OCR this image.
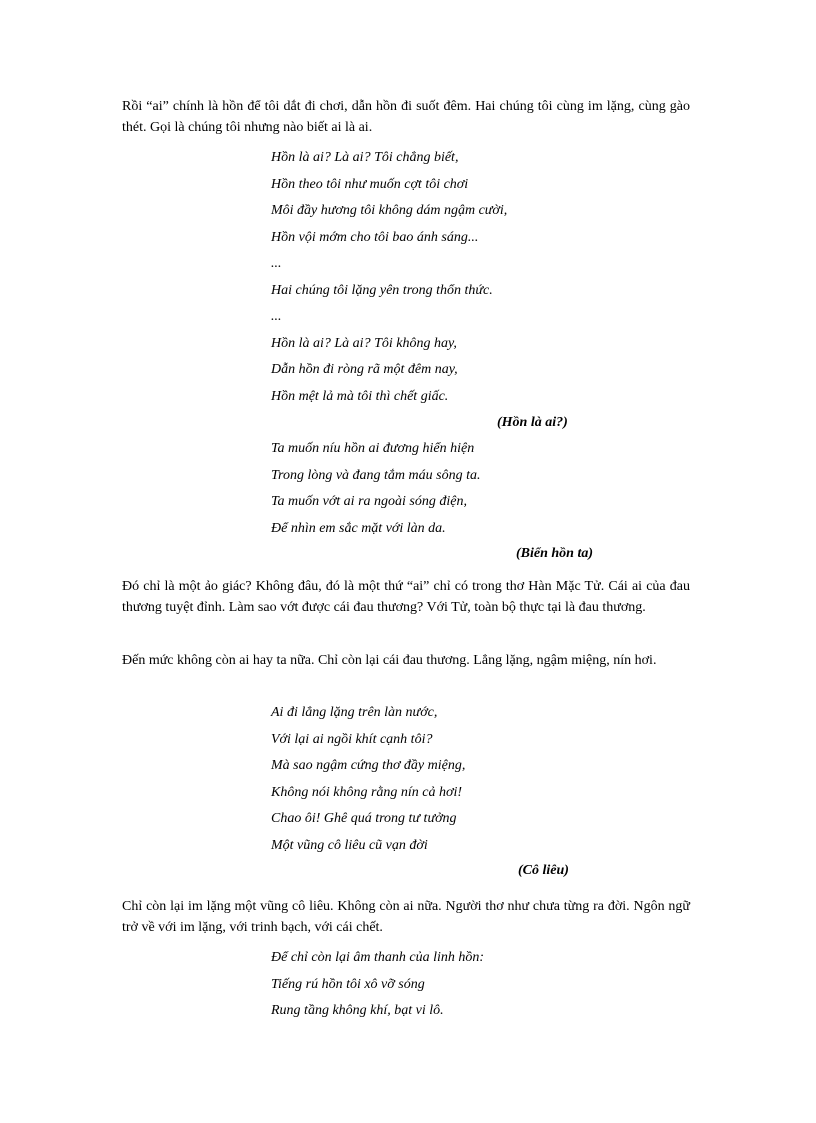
Rồi “ai” chính là hồn để tôi dắt đi chơi, dẫn hồn đi suốt đêm. Hai chúng tôi cùng im lặng, cùng gào thét. Gọi là chúng tôi nhưng nào biết ai là ai.

Hồn là ai? Là ai? Tôi chẳng biết,
Hồn theo tôi như muốn cợt tôi chơi
Môi đầy hương tôi không dám ngậm cười,
Hồn vội mớm cho tôi bao ánh sáng...
...
Hai chúng tôi lặng yên trong thổn thức.
...
Hồn là ai? Là ai? Tôi không hay,
Dẫn hồn đi ròng rã một đêm nay,
Hồn mệt lả mà tôi thì chết giấc.
(Hồn là ai?)
Ta muốn níu hồn ai đương hiển hiện
Trong lòng và đang tắm máu sông ta.
Ta muốn vớt ai ra ngoài sóng điện,
Để nhìn em sắc mặt với làn da.
(Biển hồn ta)

Đó chỉ là một ảo giác? Không đâu, đó là một thứ “ai” chỉ có trong thơ Hàn Mặc Tử. Cái ai của đau thương tuyệt đỉnh. Làm sao vớt được cái đau thương? Với Tử, toàn bộ thực tại là đau thương.

Đến mức không còn ai hay ta nữa. Chỉ còn lại cái đau thương. Lẳng lặng, ngậm miệng, nín hơi.

Ai đi lẳng lặng trên làn nước,
Với lại ai ngồi khít cạnh tôi?
Mà sao ngậm cứng thơ đầy miệng,
Không nói không rằng nín cả hơi!
Chao ôi! Ghê quá trong tư tưởng
Một vũng cô liêu cũ vạn đời
(Cô liêu)

Chỉ còn lại im lặng một vũng cô liêu. Không còn ai nữa. Người thơ như chưa từng ra đời. Ngôn ngữ trở về với im lặng, với trinh bạch, với cái chết.

Để chỉ còn lại âm thanh của linh hồn:
Tiếng rú hồn tôi xô vỡ sóng
Rung tầng không khí, bạt vi lô.
